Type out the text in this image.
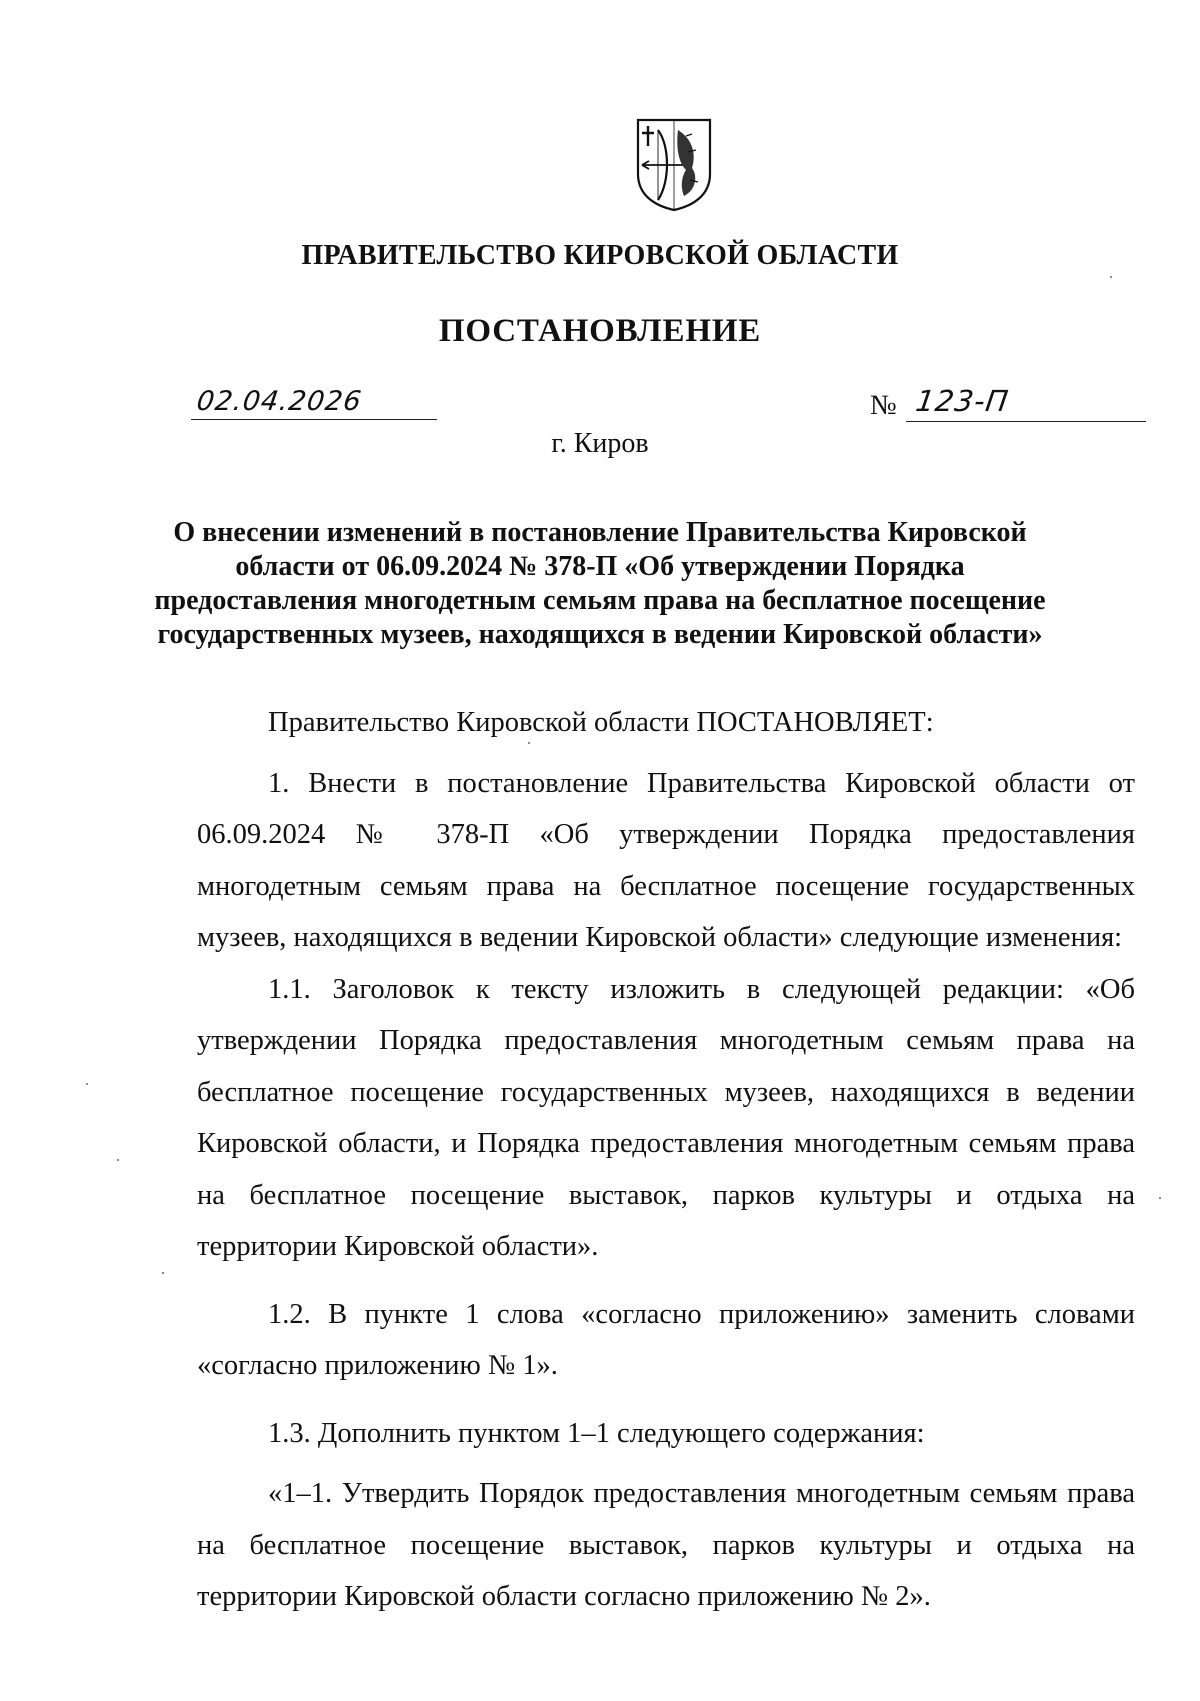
ПРАВИТЕЛЬСТВО КИРОВСКОЙ ОБЛАСТИ
ПОСТАНОВЛЕНИЕ
02.04.2026	№ 123-П
г. Киров
О внесении изменений в постановление Правительства Кировской области от 06.09.2024 № 378-П «Об утверждении Порядка предоставления многодетным семьям права на бесплатное посещение государственных музеев, находящихся в ведении Кировской области»

Правительство Кировской области ПОСТАНОВЛЯЕТ:

1. Внести в постановление Правительства Кировской области от 06.09.2024 № 378-П «Об утверждении Порядка предоставления многодетным семьям права на бесплатное посещение государственных музеев, находящихся в ведении Кировской области» следующие изменения:

1.1. Заголовок к тексту изложить в следующей редакции: «Об утверждении Порядка предоставления многодетным семьям права на бесплатное посещение государственных музеев, находящихся в ведении Кировской области, и Порядка предоставления многодетным семьям права на бесплатное посещение выставок, парков культуры и отдыха на территории Кировской области».

1.2. В пункте 1 слова «согласно приложению» заменить словами «согласно приложению № 1».

1.3. Дополнить пунктом 1–1 следующего содержания:

«1–1. Утвердить Порядок предоставления многодетным семьям права на бесплатное посещение выставок, парков культуры и отдыха на территории Кировской области согласно приложению № 2».
